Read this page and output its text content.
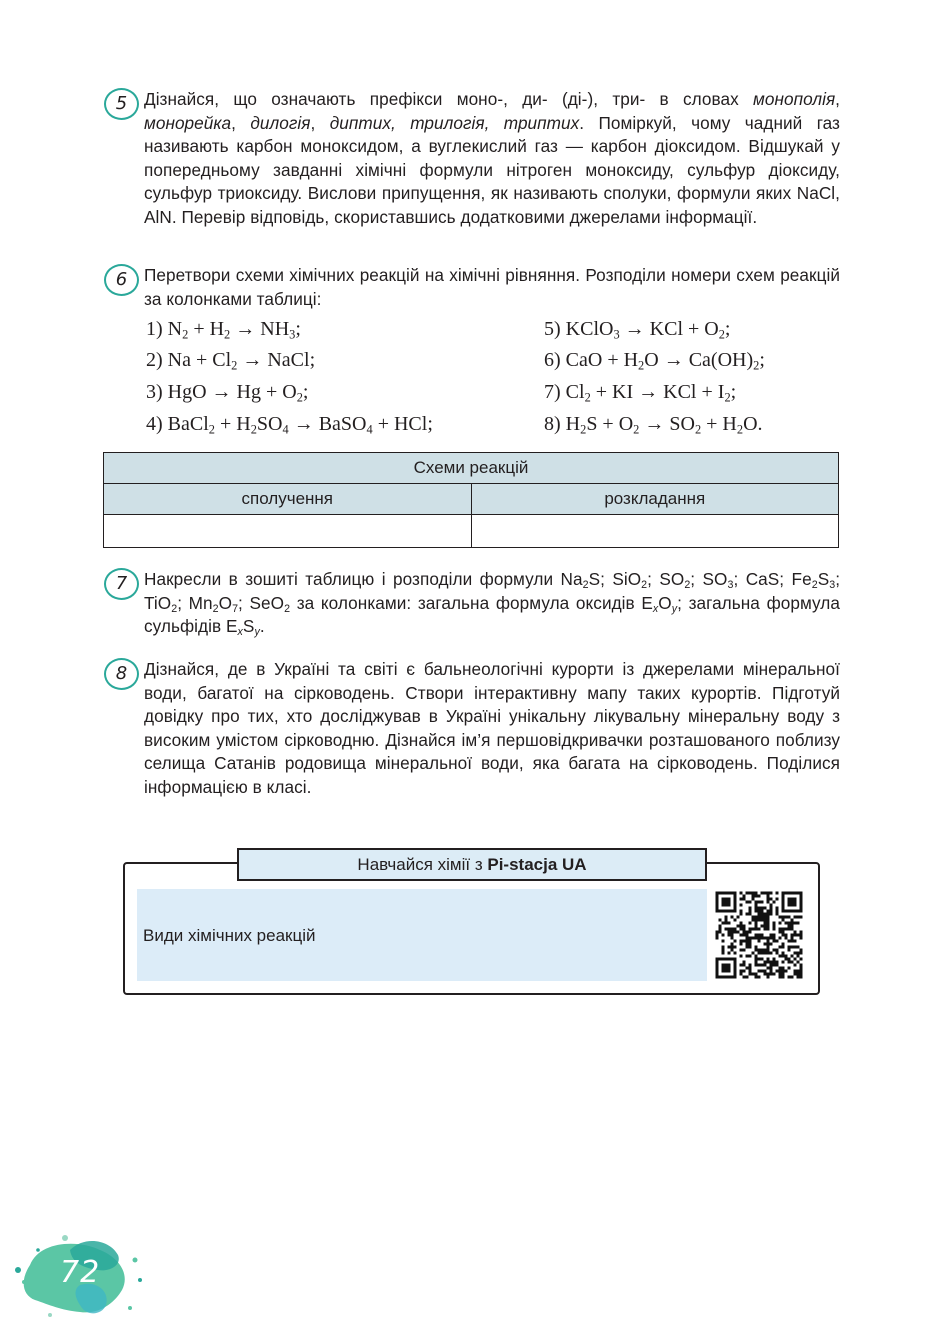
5 Дізнайся, що означають префікси моно-, ди- (ді-), три- в словах монополія, монорейка, дилогія, диптих, трилогія, триптих. Поміркуй, чому чадний газ називають карбон моноксидом, а вуглекислий газ — карбон діоксидом. Відшукай у попередньому завданні хімічні формули нітроген моноксиду, сульфур діоксиду, сульфур триоксиду. Вислови припущення, як називають сполуки, формули яких NaCl, AlN. Перевір відповідь, скориставшись додатковими джерелами інформації.
6 Перетвори схеми хімічних реакцій на хімічні рівняння. Розподіли номери схем реакцій за колонками таблиці:
1) $N_2 + H_2 \to NH_3$;
2) $Na + Cl_2$ → NaCl;
3) HgO → $Hg + O_2$;
4) BaCl$_2$ + $H_2SO_4$ → BaSO$_4$ + HCl;
5) KClO$_3$ → KCl + $O_2$;
6) CaO + $H_2O \to Ca(OH)_2$;
7) $Cl_2$ + KI → KCl + $I_2$;
8) $H_2S + O_2 \to SO_2 + H_2O$.
Схеми реакцій	
сполучення	розкладання

7 Накресли в зошиті таблицю і розподіли формули $Na_2S$; SiO$_2$; $SO_2$; $SO_3$; CaS; $Fe_2S_3$; TiO$_2$; $Mn_2O_7$; SeO$_2$ за колонками: загальна формула оксидів $E_xO_y$; загальна формула сульфідів $E_xS_y$.
8 Дізнайся, де в Україні та світі є бальнеологічні курорти із джерелами мінеральної води, багатої на сірководень. Створи інтерактивну мапу таких курортів. Підготуй довідку про тих, хто досліджував в Україні унікальну лікувальну мінеральну воду з високим умістом сірководню. Дізнайся ім’я першовідкривачки розташованого поблизу селища Сатанів родовища мінеральної води, яка багата на сірководень. Поділися інформацією в класі.
Навчайся хімії з Pi-stacja UA
Види хімічних реакцій
72
